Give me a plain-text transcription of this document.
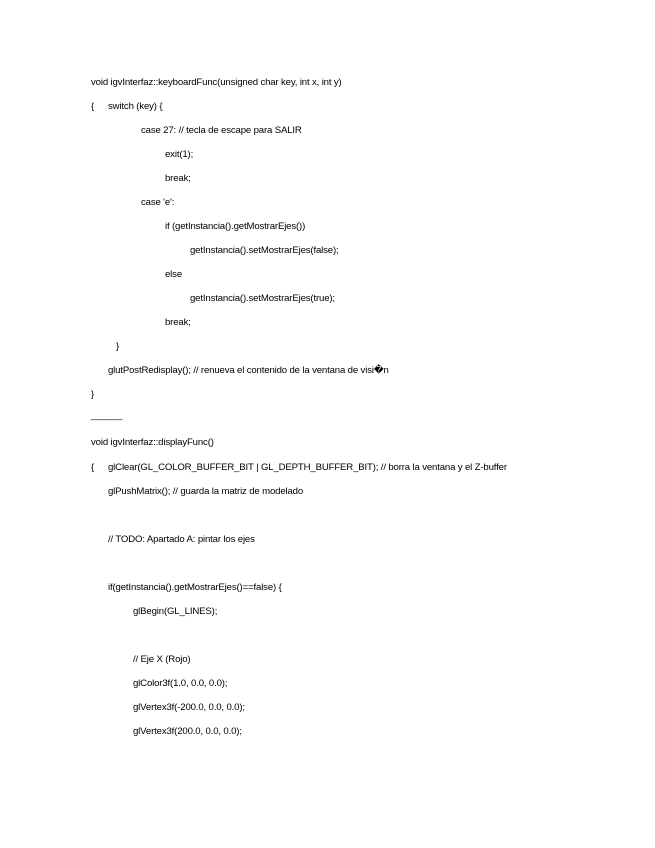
void igvInterfaz::keyboardFunc(unsigned char key, int x, int y)
{ switch (key) {
case 27: // tecla de escape para SALIR
exit(1);
break;
case 'e':
if (getInstancia().getMostrarEjes())
getInstancia().setMostrarEjes(false);
else
getInstancia().setMostrarEjes(true);
break;
}
glutPostRedisplay(); // renueva el contenido de la ventana de visi�n
}
______
void igvInterfaz::displayFunc()
{ glClear(GL_COLOR_BUFFER_BIT | GL_DEPTH_BUFFER_BIT); // borra la ventana y el Z-buffer
glPushMatrix(); // guarda la matriz de modelado
// TODO: Apartado A: pintar los ejes
if(getInstancia().getMostrarEjes()==false) {
glBegin(GL_LINES);
// Eje X (Rojo)
glColor3f(1.0, 0.0, 0.0);
glVertex3f(-200.0, 0.0, 0.0);
glVertex3f(200.0, 0.0, 0.0);
